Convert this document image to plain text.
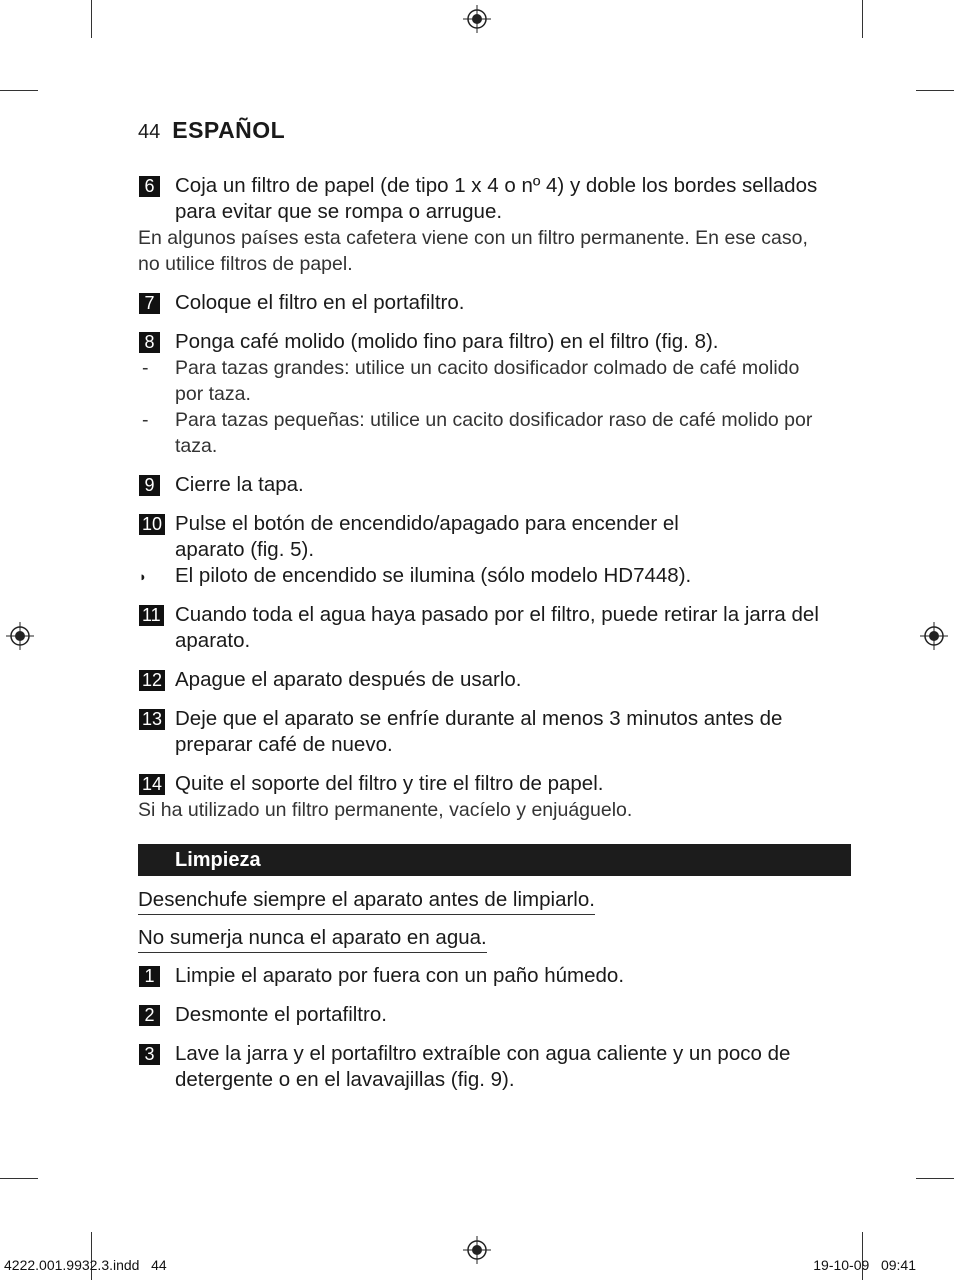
44 ESPAÑOL
6 Coja un filtro de papel (de tipo 1 x 4 o nº 4) y doble los bordes sellados para evitar que se rompa o arrugue.
En algunos países esta cafetera viene con un filtro permanente. En ese caso, no utilice filtros de papel.
7 Coloque el filtro en el portafiltro.
8 Ponga café molido (molido fino para filtro) en el filtro (fig. 8).
- Para tazas grandes: utilice un cacito dosificador colmado de café molido por taza.
- Para tazas pequeñas: utilice un cacito dosificador raso de café molido por taza.
9 Cierre la tapa.
10 Pulse el botón de encendido/apagado para encender el aparato (fig. 5).
◗ El piloto de encendido se ilumina (sólo modelo HD7448).
11 Cuando toda el agua haya pasado por el filtro, puede retirar la jarra del aparato.
12 Apague el aparato después de usarlo.
13 Deje que el aparato se enfríe durante al menos 3 minutos antes de preparar café de nuevo.
14 Quite el soporte del filtro y tire el filtro de papel.
Si ha utilizado un filtro permanente, vacíelo y enjuáguelo.
Limpieza
Desenchufe siempre el aparato antes de limpiarlo.
No sumerja nunca el aparato en agua.
1 Limpie el aparato por fuera con un paño húmedo.
2 Desmonte el portafiltro.
3 Lave la jarra y el portafiltro extraíble con agua caliente y un poco de detergente o en el lavavajillas (fig. 9).
4222.001.9932.3.indd   44	19-10-09   09:41
